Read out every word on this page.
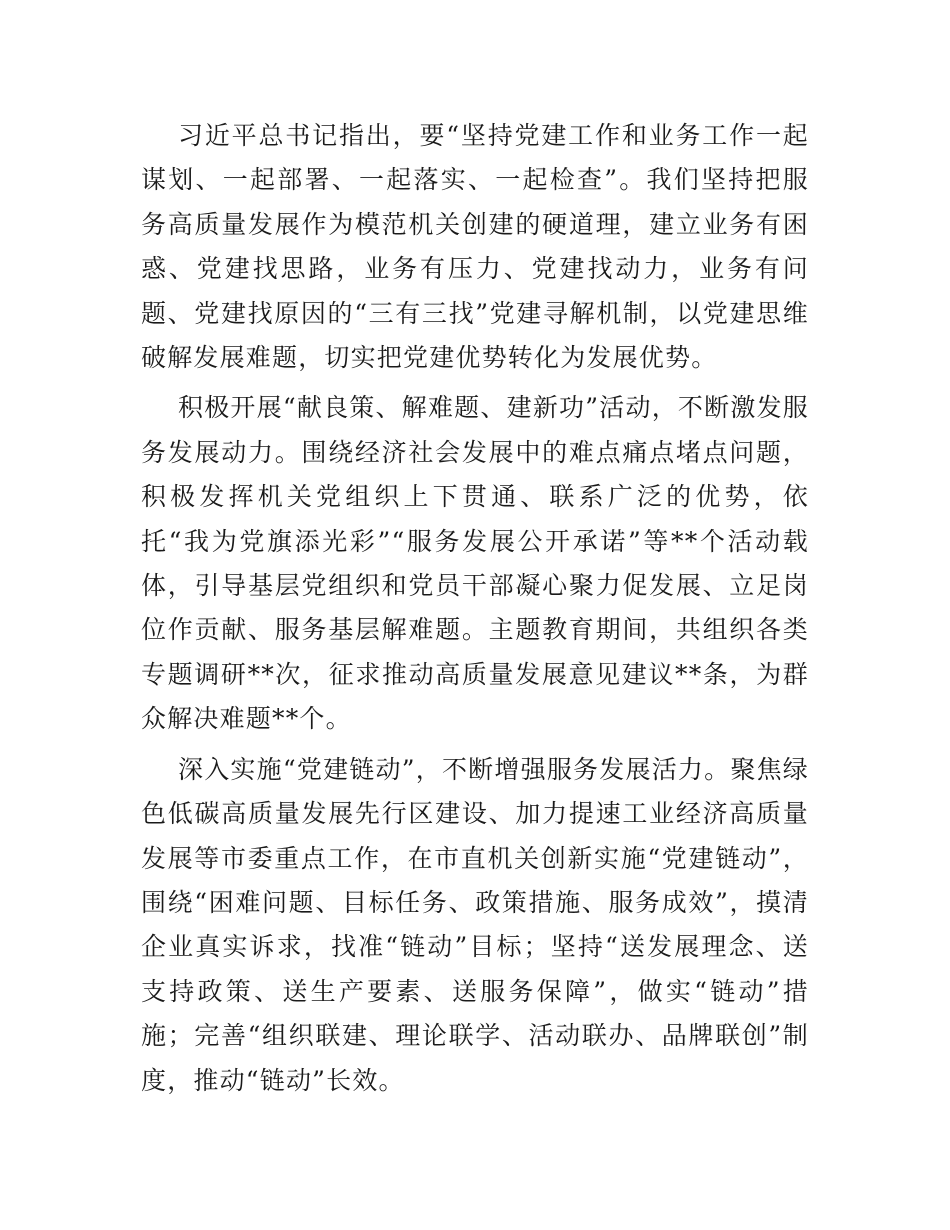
习近平总书记指出，要“坚持党建工作和业务工作一起谋划、一起部署、一起落实、一起检查”。我们坚持把服务高质量发展作为模范机关创建的硬道理，建立业务有困惑、党建找思路，业务有压力、党建找动力，业务有问题、党建找原因的“三有三找”党建寻解机制，以党建思维破解发展难题，切实把党建优势转化为发展优势。

积极开展“献良策、解难题、建新功”活动，不断激发服务发展动力。围绕经济社会发展中的难点痛点堵点问题，积极发挥机关党组织上下贯通、联系广泛的优势，依托“我为党旗添光彩”“服务发展公开承诺”等**个活动载体，引导基层党组织和党员干部凝心聚力促发展、立足岗位作贡献、服务基层解难题。主题教育期间，共组织各类专题调研**次，征求推动高质量发展意见建议**条，为群众解决难题**个。

深入实施“党建链动”，不断增强服务发展活力。聚焦绿色低碳高质量发展先行区建设、加力提速工业经济高质量发展等市委重点工作，在市直机关创新实施“党建链动”，围绕“困难问题、目标任务、政策措施、服务成效”，摸清企业真实诉求，找准“链动”目标；坚持“送发展理念、送支持政策、送生产要素、送服务保障”，做实“链动”措施；完善“组织联建、理论联学、活动联办、品牌联创”制度，推动“链动”长效。
